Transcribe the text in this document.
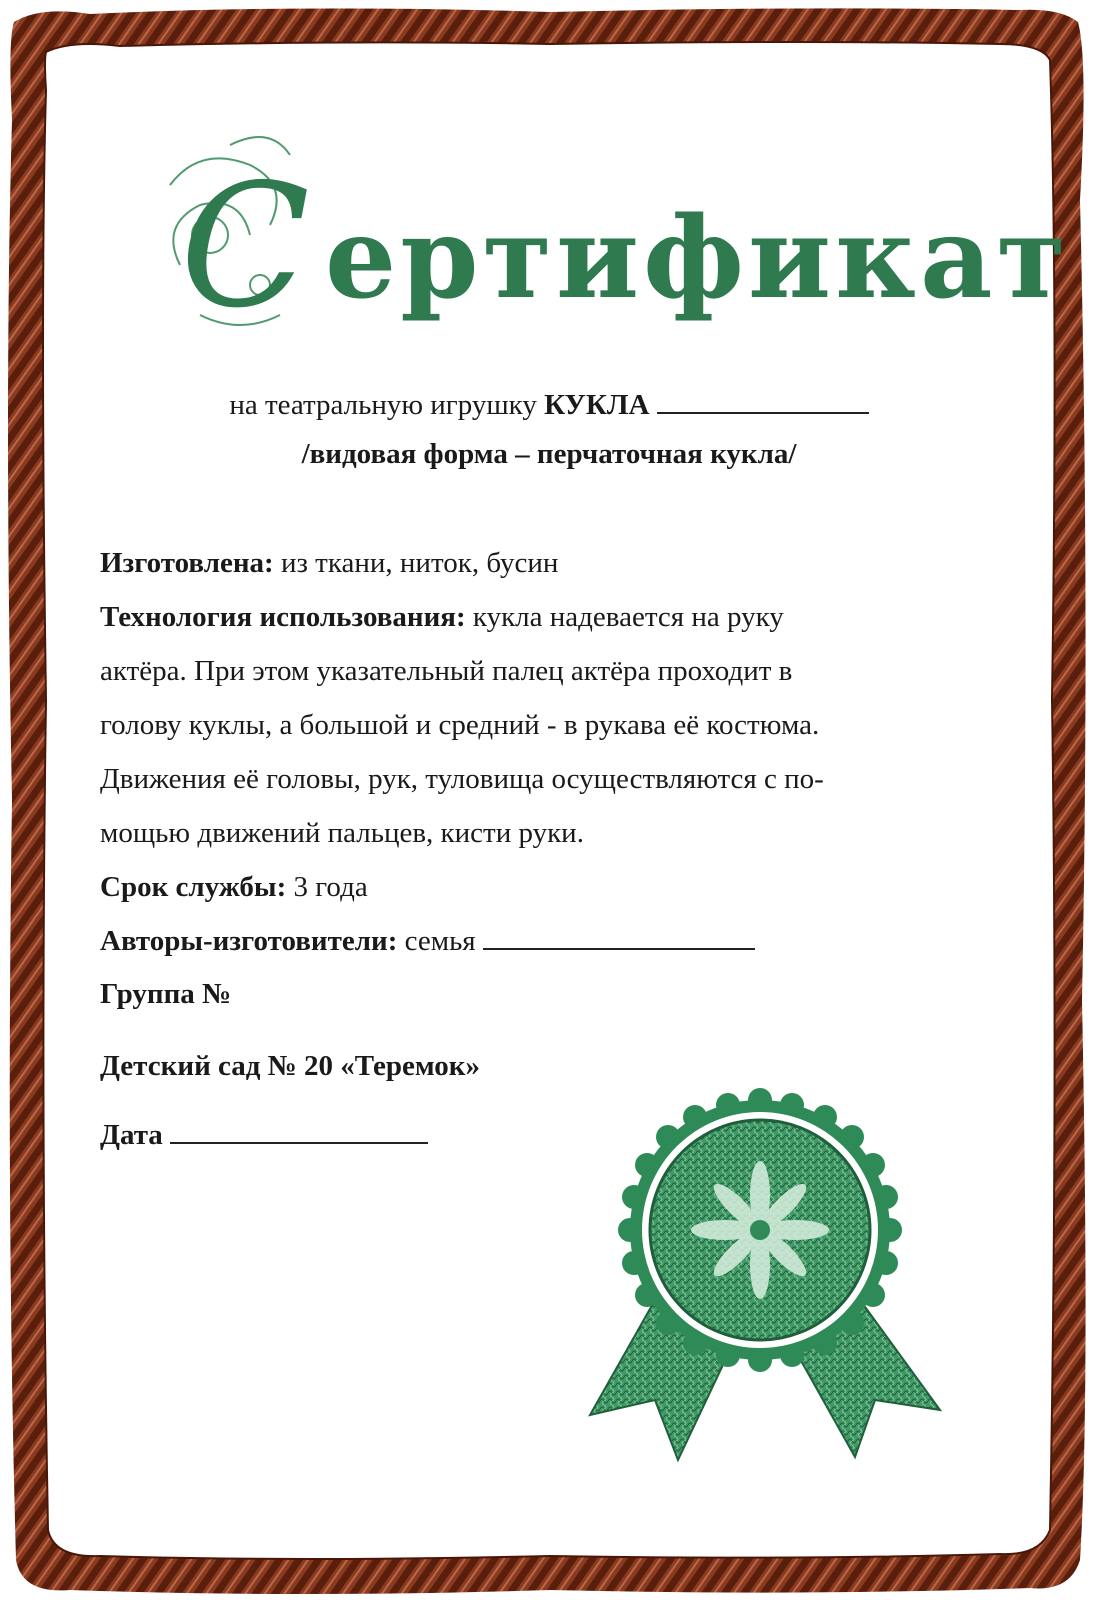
С ертификат
на театральную игрушку КУКЛА
/видовая форма – перчаточная кукла/

Изготовлена: из ткани, ниток, бусин

Технология использования: кукла надевается на руку

актёра. При этом указательный палец актёра проходит в

голову куклы, а большой и средний - в рукава её костюма.

Движения её головы, рук, туловища осуществляются с по-

мощью движений пальцев, кисти руки.

Срок службы: 3 года

Авторы-изготовители: семья

Группа №
Детский сад № 20 «Теремок»
Дата
